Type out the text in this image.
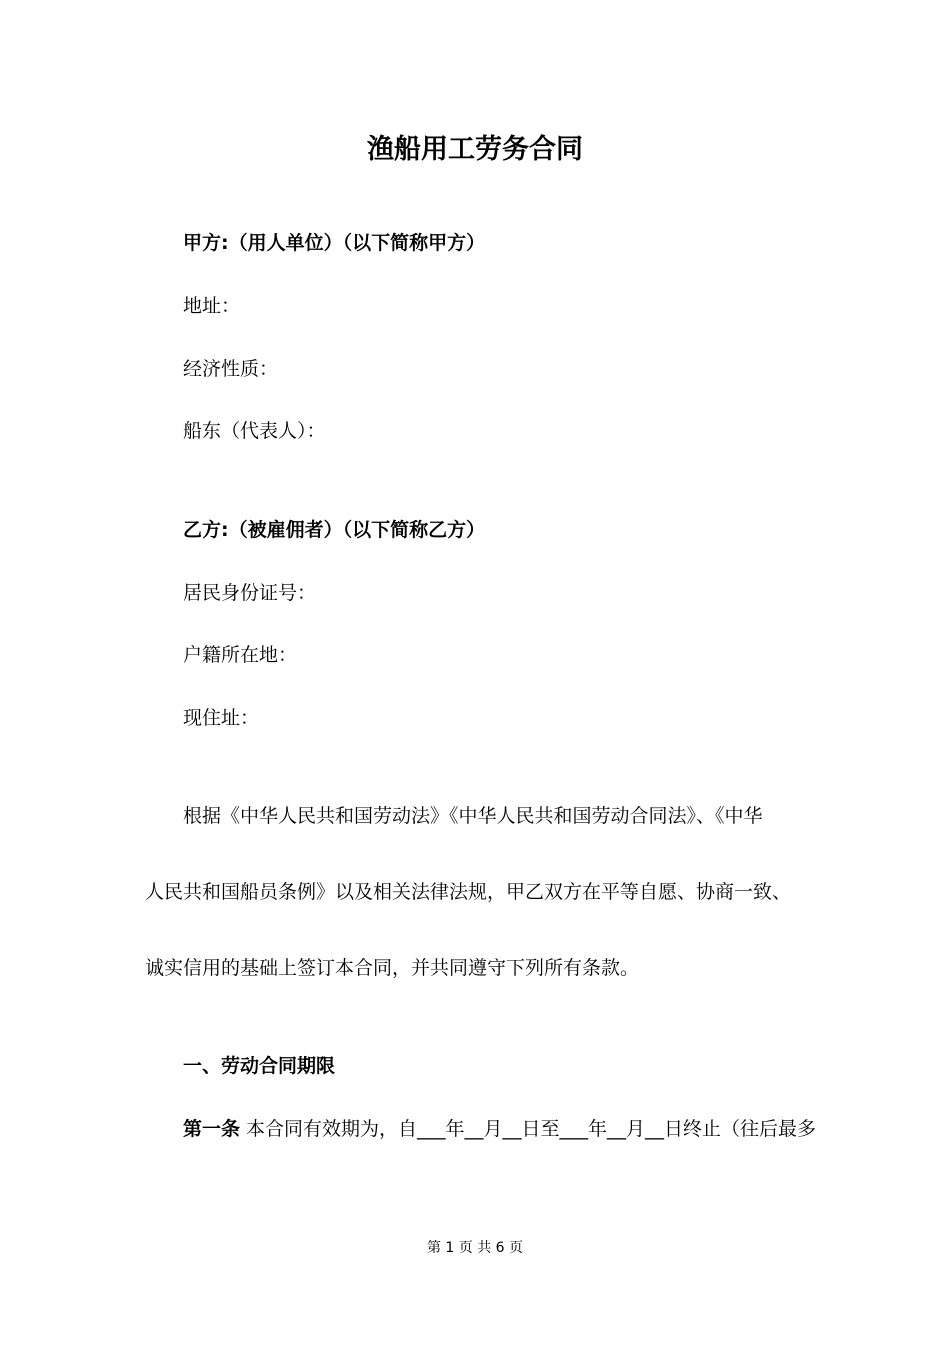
渔船用工劳务合同
甲方:（用人单位）（以下简称甲方）
地址：
经济性质：
船东（代表人）：
乙方:（被雇佣者）（以下简称乙方）
居民身份证号：
户籍所在地：
现住址：
根据《中华人民共和国劳动法》《中华人民共和国劳动合同法》、《中华
人民共和国船员条例》以及相关法律法规，甲乙双方在平等自愿、协商一致、
诚实信用的基础上签订本合同，并共同遵守下列所有条款。
一、劳动合同期限
第一条 本合同有效期为，自___年__月__日至___年__月__日终止（往后最多
第 1 页 共 6 页
